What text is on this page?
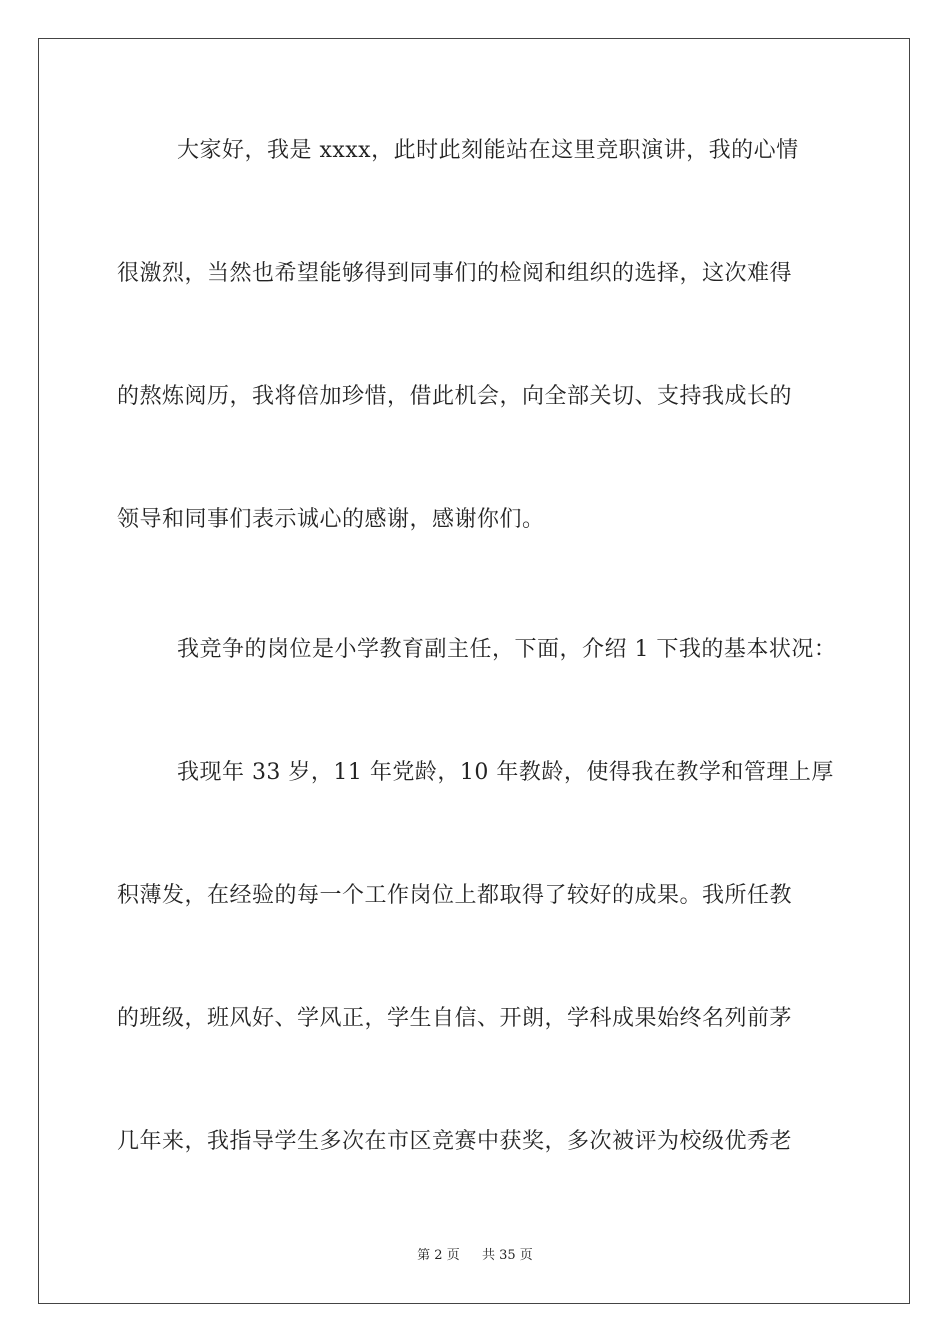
大家好，我是 xxxx，此时此刻能站在这里竞职演讲，我的心情
很激烈，当然也希望能够得到同事们的检阅和组织的选择，这次难得
的熬炼阅历，我将倍加珍惜，借此机会，向全部关切、支持我成长的
领导和同事们表示诚心的感谢，感谢你们。
我竞争的岗位是小学教育副主任，下面，介绍 1 下我的基本状况：
我现年 33 岁，11 年党龄，10 年教龄，使得我在教学和管理上厚
积薄发，在经验的每一个工作岗位上都取得了较好的成果。我所任教
的班级，班风好、学风正，学生自信、开朗，学科成果始终名列前茅
几年来，我指导学生多次在市区竞赛中获奖，多次被评为校级优秀老
第 2 页 共 35 页
